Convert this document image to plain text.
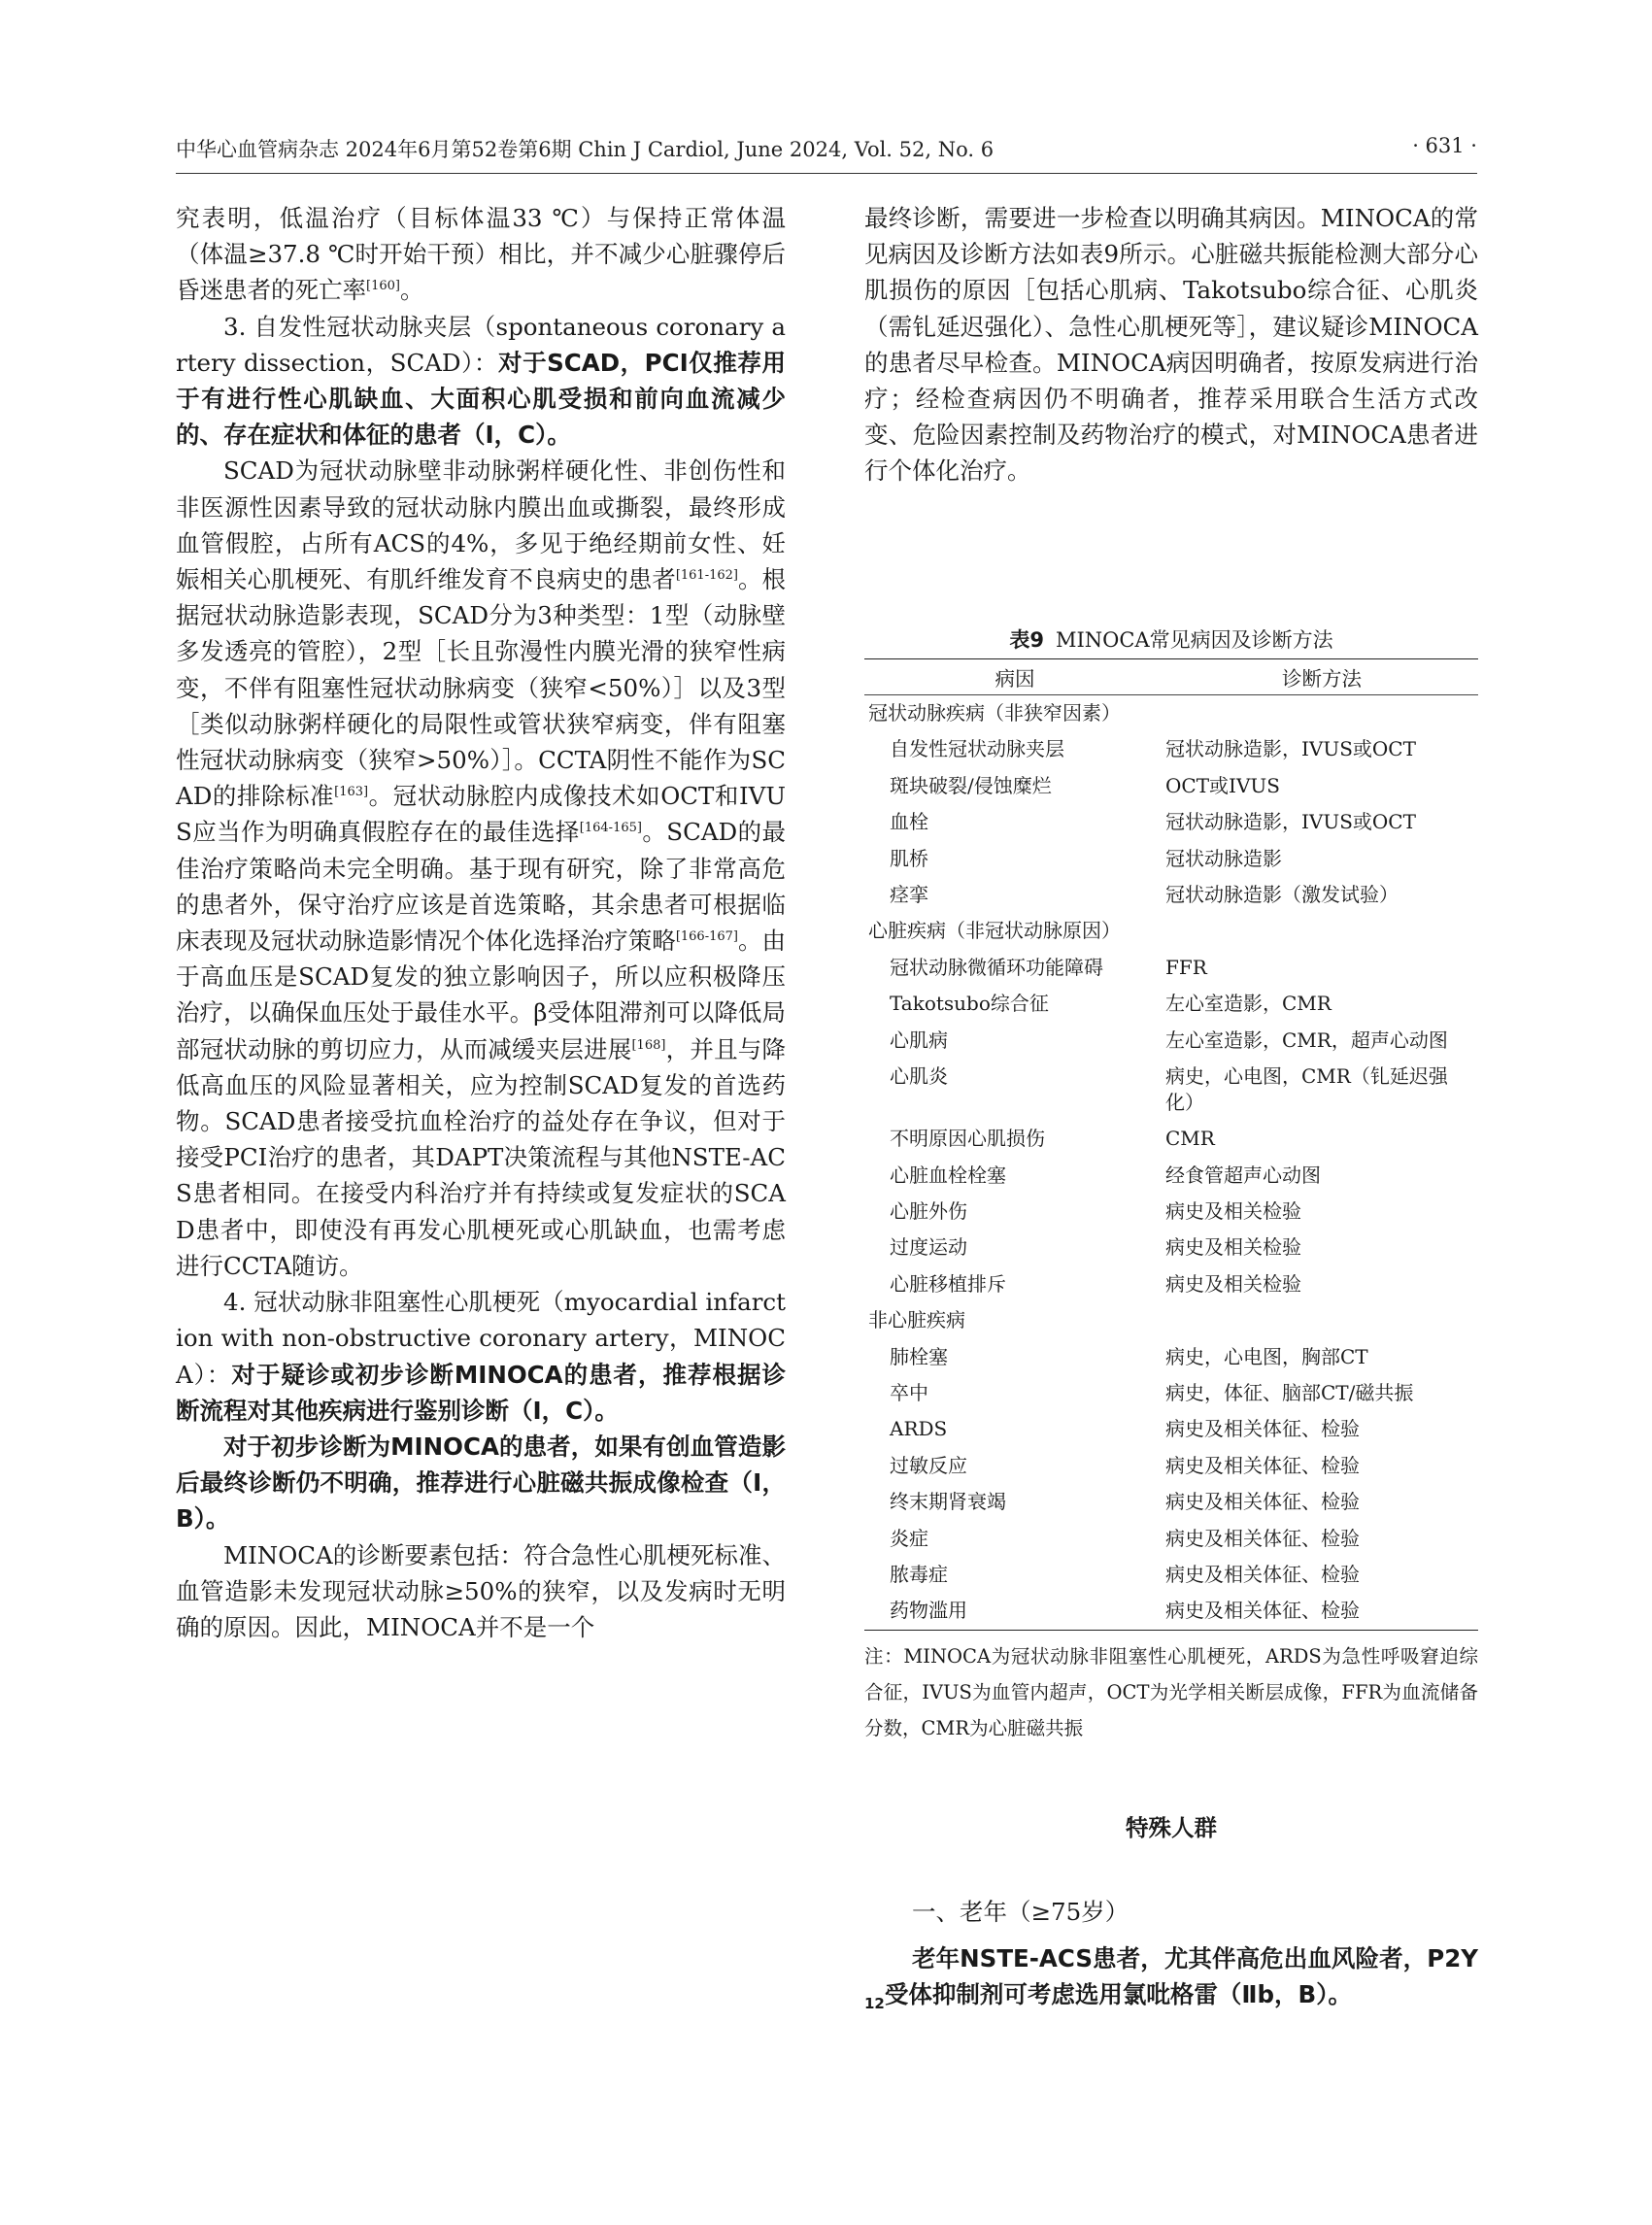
中华心血管病杂志 2024年6月第52卷第6期 Chin J Cardiol, June 2024, Vol. 52, No. 6	· 631 ·

究表明，低温治疗（目标体温33 ℃）与保持正常体温（体温≥37.8 ℃时开始干预）相比，并不减少心脏骤停后昏迷患者的死亡率[160]。

3. 自发性冠状动脉夹层（spontaneous coronary artery dissection，SCAD）：对于SCAD，PCI仅推荐用于有进行性心肌缺血、大面积心肌受损和前向血流减少的、存在症状和体征的患者（Ⅰ，C）。

SCAD为冠状动脉壁非动脉粥样硬化性、非创伤性和非医源性因素导致的冠状动脉内膜出血或撕裂，最终形成血管假腔，占所有ACS的4%，多见于绝经期前女性、妊娠相关心肌梗死、有肌纤维发育不良病史的患者[161-162]。根据冠状动脉造影表现，SCAD分为3种类型：1型（动脉壁多发透亮的管腔），2型［长且弥漫性内膜光滑的狭窄性病变，不伴有阻塞性冠状动脉病变（狭窄<50%）］以及3型［类似动脉粥样硬化的局限性或管状狭窄病变，伴有阻塞性冠状动脉病变（狭窄>50%）］。CCTA阴性不能作为SCAD的排除标准[163]。冠状动脉腔内成像技术如OCT和IVUS应当作为明确真假腔存在的最佳选择[164-165]。SCAD的最佳治疗策略尚未完全明确。基于现有研究，除了非常高危的患者外，保守治疗应该是首选策略，其余患者可根据临床表现及冠状动脉造影情况个体化选择治疗策略[166-167]。由于高血压是SCAD复发的独立影响因子，所以应积极降压治疗，以确保血压处于最佳水平。β受体阻滞剂可以降低局部冠状动脉的剪切应力，从而减缓夹层进展[168]，并且与降低高血压的风险显著相关，应为控制SCAD复发的首选药物。SCAD患者接受抗血栓治疗的益处存在争议，但对于接受PCI治疗的患者，其DAPT决策流程与其他NSTE-ACS患者相同。在接受内科治疗并有持续或复发症状的SCAD患者中，即使没有再发心肌梗死或心肌缺血，也需考虑进行CCTA随访。

4. 冠状动脉非阻塞性心肌梗死（myocardial infarction with non-obstructive coronary artery，MINOCA）：对于疑诊或初步诊断MINOCA的患者，推荐根据诊断流程对其他疾病进行鉴别诊断（Ⅰ，C）。

对于初步诊断为MINOCA的患者，如果有创血管造影后最终诊断仍不明确，推荐进行心脏磁共振成像检查（Ⅰ，B）。

MINOCA的诊断要素包括：符合急性心肌梗死标准、血管造影未发现冠状动脉≥50%的狭窄，以及发病时无明确的原因。因此，MINOCA并不是一个

最终诊断，需要进一步检查以明确其病因。MINOCA的常见病因及诊断方法如表9所示。心脏磁共振能检测大部分心肌损伤的原因［包括心肌病、Takotsubo综合征、心肌炎（需钆延迟强化）、急性心肌梗死等］，建议疑诊MINOCA的患者尽早检查。MINOCA病因明确者，按原发病进行治疗；经检查病因仍不明确者，推荐采用联合生活方式改变、危险因素控制及药物治疗的模式，对MINOCA患者进行个体化治疗。

表9 MINOCA常见病因及诊断方法
病因	诊断方法
冠状动脉疾病（非狭窄因素）
自发性冠状动脉夹层	冠状动脉造影，IVUS或OCT
斑块破裂/侵蚀糜烂	OCT或IVUS
血栓	冠状动脉造影，IVUS或OCT
肌桥	冠状动脉造影
痉挛	冠状动脉造影（激发试验）
心脏疾病（非冠状动脉原因）
冠状动脉微循环功能障碍	FFR
Takotsubo综合征	左心室造影，CMR
心肌病	左心室造影，CMR，超声心动图
心肌炎	病史，心电图，CMR（钆延迟强化）
不明原因心肌损伤	CMR
心脏血栓栓塞	经食管超声心动图
心脏外伤	病史及相关检验
过度运动	病史及相关检验
心脏移植排斥	病史及相关检验
非心脏疾病
肺栓塞	病史，心电图，胸部CT
卒中	病史，体征、脑部CT/磁共振
ARDS	病史及相关体征、检验
过敏反应	病史及相关体征、检验
终末期肾衰竭	病史及相关体征、检验
炎症	病史及相关体征、检验
脓毒症	病史及相关体征、检验
药物滥用	病史及相关体征、检验
注：MINOCA为冠状动脉非阻塞性心肌梗死，ARDS为急性呼吸窘迫综合征，IVUS为血管内超声，OCT为光学相关断层成像，FFR为血流储备分数，CMR为心脏磁共振
特殊人群

一、老年（≥75岁）

老年NSTE-ACS患者，尤其伴高危出血风险者，$P2Y_{12}$受体抑制剂可考虑选用氯吡格雷（Ⅱb，B）。
